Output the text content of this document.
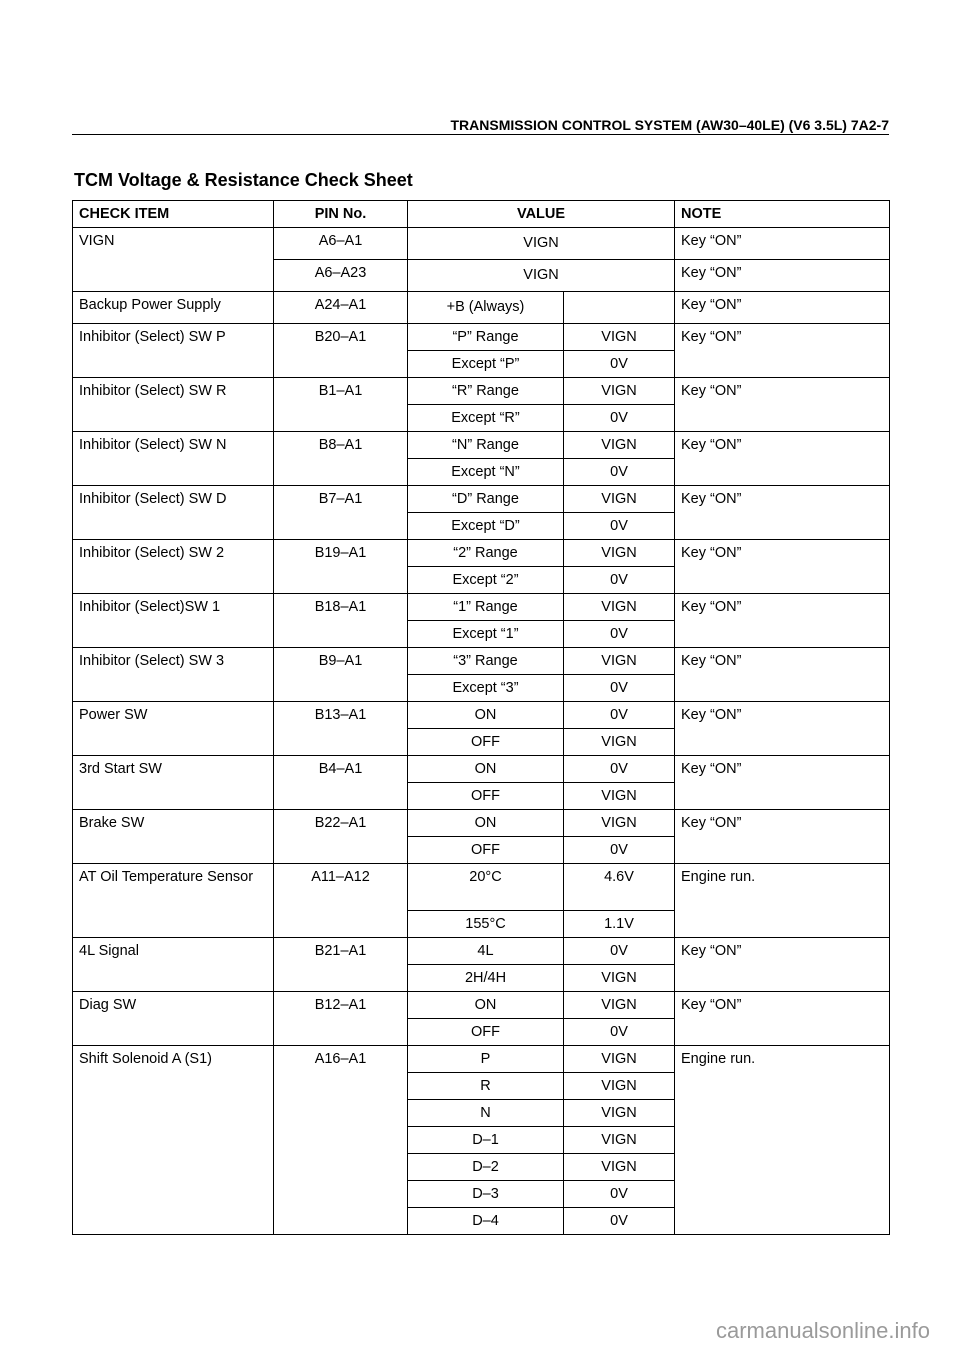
TRANSMISSION CONTROL SYSTEM (AW30–40LE) (V6 3.5L) 7A2-7
TCM Voltage & Resistance Check Sheet
CHECK ITEM	PIN No.	VALUE		NOTE
VIGN	A6–A1	VIGN		Key “ON”
	A6–A23	VIGN		Key “ON”
Backup Power Supply	A24–A1	+B (Always)		Key “ON”
Inhibitor (Select) SW P	B20–A1	“P” Range	VIGN	Key “ON”
		Except “P”	0V	
Inhibitor (Select) SW R	B1–A1	“R” Range	VIGN	Key “ON”
		Except “R”	0V	
Inhibitor (Select) SW N	B8–A1	“N” Range	VIGN	Key “ON”
		Except “N”	0V	
Inhibitor (Select) SW D	B7–A1	“D” Range	VIGN	Key “ON”
		Except “D”	0V	
Inhibitor (Select) SW 2	B19–A1	“2” Range	VIGN	Key “ON”
		Except “2”	0V	
Inhibitor (Select)SW 1	B18–A1	“1” Range	VIGN	Key “ON”
		Except “1”	0V	
Inhibitor (Select) SW 3	B9–A1	“3” Range	VIGN	Key “ON”
		Except “3”	0V	
Power SW	B13–A1	ON	0V	Key “ON”
		OFF	VIGN	
3rd Start SW	B4–A1	ON	0V	Key “ON”
		OFF	VIGN	
Brake SW	B22–A1	ON	VIGN	Key “ON”
		OFF	0V	
AT Oil Temperature Sensor	A11–A12	20°C	4.6V	Engine run.
		155°C	1.1V	
4L Signal	B21–A1	4L	0V	Key “ON”
		2H/4H	VIGN	
Diag SW	B12–A1	ON	VIGN	Key “ON”
		OFF	0V	
Shift Solenoid A (S1)	A16–A1	P	VIGN	Engine run.
		R	VIGN	
		N	VIGN	
		D–1	VIGN	
		D–2	VIGN	
		D–3	0V	
		D–4	0V	
carmanualsonline.info
